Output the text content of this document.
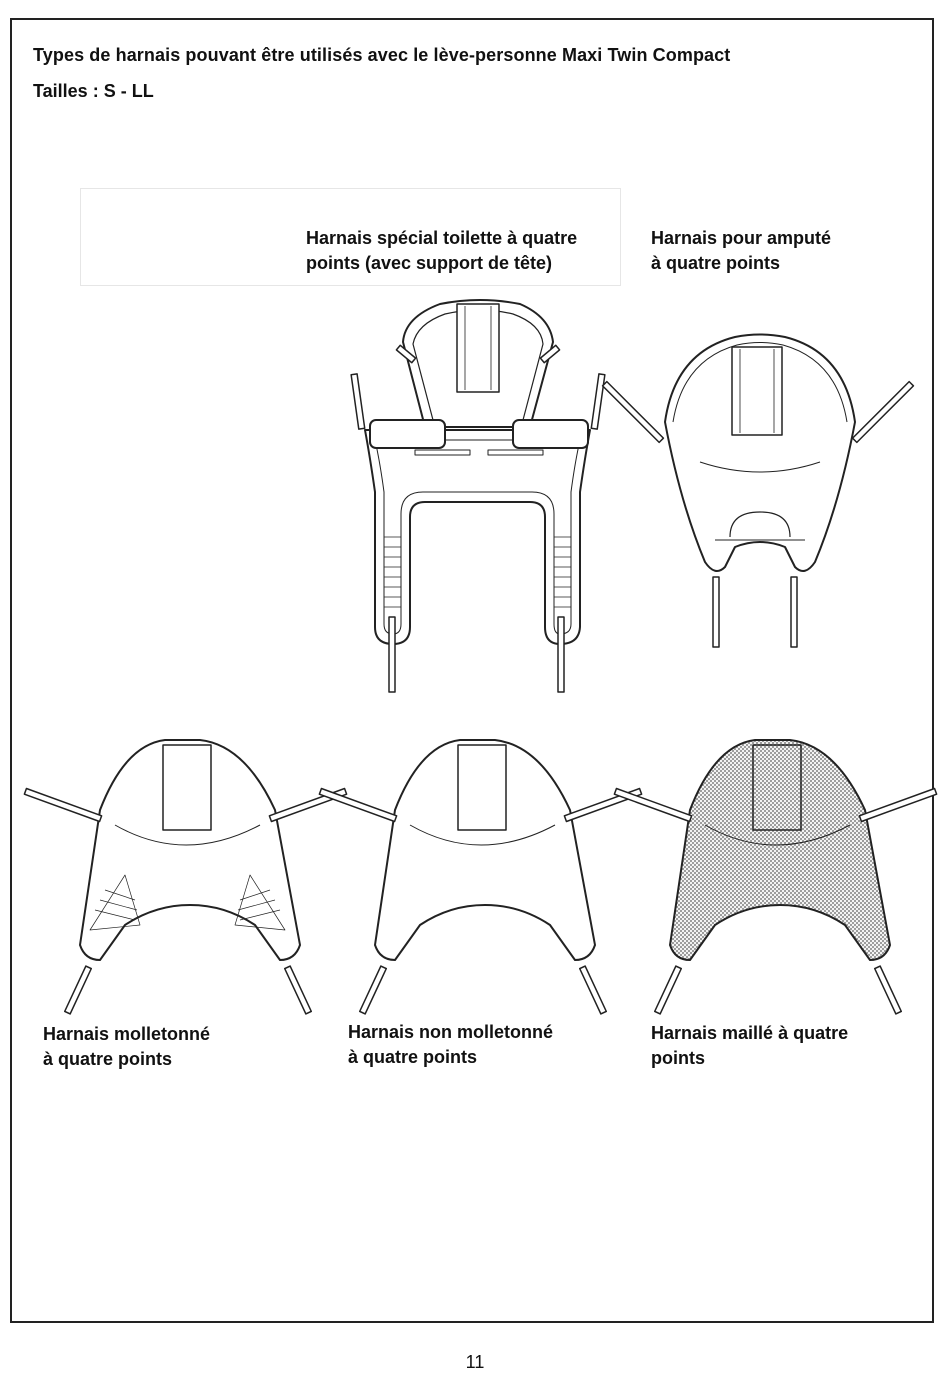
Types de harnais pouvant être utilisés avec le lève-personne Maxi Twin Compact
Tailles : S - LL
Harnais spécial toilette à quatre
points (avec support de tête)
Harnais pour amputé
à quatre points
Harnais molletonné
à quatre points
Harnais non molletonné
à quatre points
Harnais maillé à quatre
points
11
